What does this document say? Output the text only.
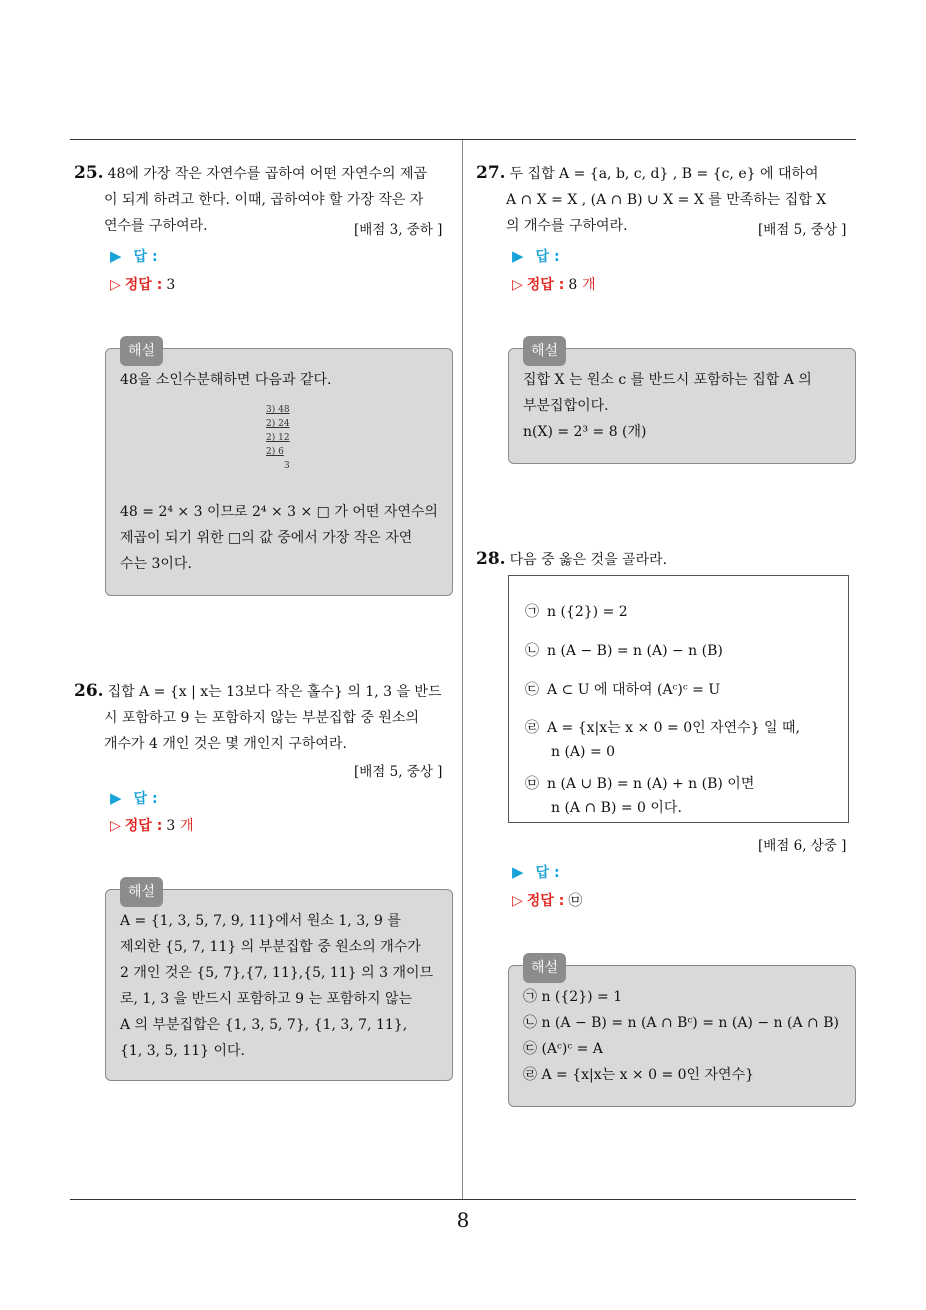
8
25. 48에 가장 작은 자연수를 곱하여 어떤 자연수의 제곱
이 되게 하려고 한다. 이때, 곱하여야 할 가장 작은 자
연수를 구하여라.	[배점 3, 중하 ]
▶ 답 :
▷ 정답 : 3
해설
48을 소인수분해하면 다음과 같다.
3) 48
2) 24
2) 12
2) 6
3
48 = 2⁴ × 3 이므로 2⁴ × 3 × □ 가 어떤 자연수의
제곱이 되기 위한 □의 값 중에서 가장 작은 자연
수는 3이다.
26. 집합 A = {x | x는 13보다 작은 홀수} 의 1, 3 을 반드
시 포함하고 9 는 포함하지 않는 부분집합 중 원소의
개수가 4 개인 것은 몇 개인지 구하여라.
[배점 5, 중상 ]
▶ 답 :
▷ 정답 : 3 개
해설
A = {1, 3, 5, 7, 9, 11}에서 원소 1, 3, 9 를
제외한 {5, 7, 11} 의 부분집합 중 원소의 개수가
2 개인 것은 {5, 7},{7, 11},{5, 11} 의 3 개이므
로, 1, 3 을 반드시 포함하고 9 는 포함하지 않는
A 의 부분집합은 {1, 3, 5, 7}, {1, 3, 7, 11},
{1, 3, 5, 11} 이다.
27. 두 집합 A = {a, b, c, d} , B = {c, e} 에 대하여
A ∩ X = X , (A ∩ B) ∪ X = X 를 만족하는 집합 X
의 개수를 구하여라.	[배점 5, 중상 ]
▶ 답 :
▷ 정답 : 8 개
해설
집합 X 는 원소 c 를 반드시 포함하는 집합 A 의
부분집합이다.
n(X) = 2³ = 8 (개)
28. 다음 중 옳은 것을 골라라.
㉠ n ({2}) = 2
㉡ n (A − B) = n (A) − n (B)
㉢ A ⊂ U 에 대하여 (Aᶜ)ᶜ = U
㉣ A = {x|x는 x × 0 = 0인 자연수} 일 때,
n (A) = 0
㉤ n (A ∪ B) = n (A) + n (B) 이면
n (A ∩ B) = 0 이다.
[배점 6, 상중 ]
▶ 답 :
▷ 정답 : ㉤
해설
㉠ n ({2}) = 1
㉡ n (A − B) = n (A ∩ Bᶜ) = n (A) − n (A ∩ B)
㉢ (Aᶜ)ᶜ = A
㉣ A = {x|x는 x × 0 = 0인 자연수}
